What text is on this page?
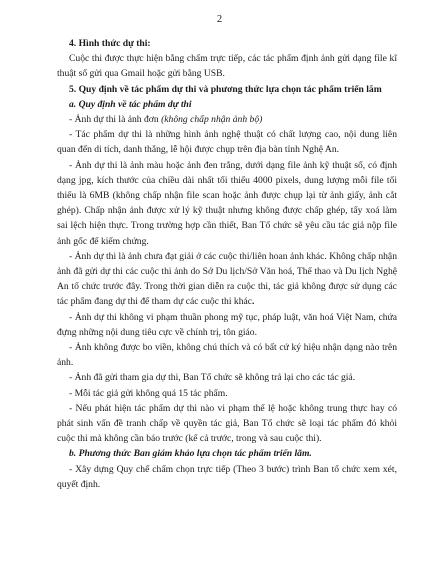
2

4. Hình thức dự thi:

Cuộc thi được thực hiện bằng chấm trực tiếp, các tác phẩm định ảnh gửi dạng file kĩ thuật số gửi qua Gmail hoặc gửi bằng USB.

5. Quy định về tác phẩm dự thi và phương thức lựa chọn tác phẩm triển lãm

a. Quy định về tác phẩm dự thi

- Ảnh dự thi là ảnh đơn (không chấp nhận ảnh bộ)

- Tác phẩm dự thi là những hình ảnh nghệ thuật có chất lượng cao, nội dung liên quan đến di tích, danh thắng, lễ hội được chụp trên địa bàn tỉnh Nghệ An.

- Ảnh dự thi là ảnh màu hoặc ảnh đen trắng, dưới dạng file ảnh kỹ thuật số, có định dạng jpg, kích thước của chiều dài nhất tối thiểu 4000 pixels, dung lượng mỗi file tối thiểu là 6MB (không chấp nhận file scan hoặc ảnh được chụp lại từ ảnh giấy, ảnh cắt ghép). Chấp nhận ảnh được xử lý kỹ thuật nhưng không được chấp ghép, tẩy xoá làm sai lệch hiện thực. Trong trường hợp cần thiết, Ban Tổ chức sẽ yêu cầu tác giả nộp file ảnh gốc để kiểm chứng.

- Ảnh dự thi là ảnh chưa đạt giải ở các cuộc thi/liên hoan ảnh khác. Không chấp nhận ảnh đã gửi dự thi các cuộc thi ảnh do Sở Du lịch/Sở Văn hoá, Thể thao và Du lịch Nghệ An tổ chức trước đây. Trong thời gian diễn ra cuộc thi, tác giả không được sử dụng các tác phẩm đang dự thi để tham dự các cuộc thi khác.

- Ảnh dự thi không vi phạm thuần phong mỹ tục, pháp luật, văn hoá Việt Nam, chứa đựng những nội dung tiêu cực về chính trị, tôn giáo.

- Ảnh không được bo viền, không chú thích và có bất cứ ký hiệu nhận dạng nào trên ảnh.

- Ảnh đã gửi tham gia dự thi, Ban Tổ chức sẽ không trả lại cho các tác giả.

- Mỗi tác giả gửi không quá 15 tác phẩm.

- Nếu phát hiện tác phẩm dự thi nào vi phạm thể lệ hoặc không trung thực hay có phát sinh vấn đề tranh chấp về quyền tác giả, Ban Tổ chức sẽ loại tác phẩm đó khỏi cuộc thi mà không cần báo trước (kể cả trước, trong và sau cuộc thi).

b. Phương thức Ban giám khảo lựa chọn tác phẩm triển lãm.

- Xây dựng Quy chế chấm chọn trực tiếp (Theo 3 bước) trình Ban tổ chức xem xét, quyết định.
